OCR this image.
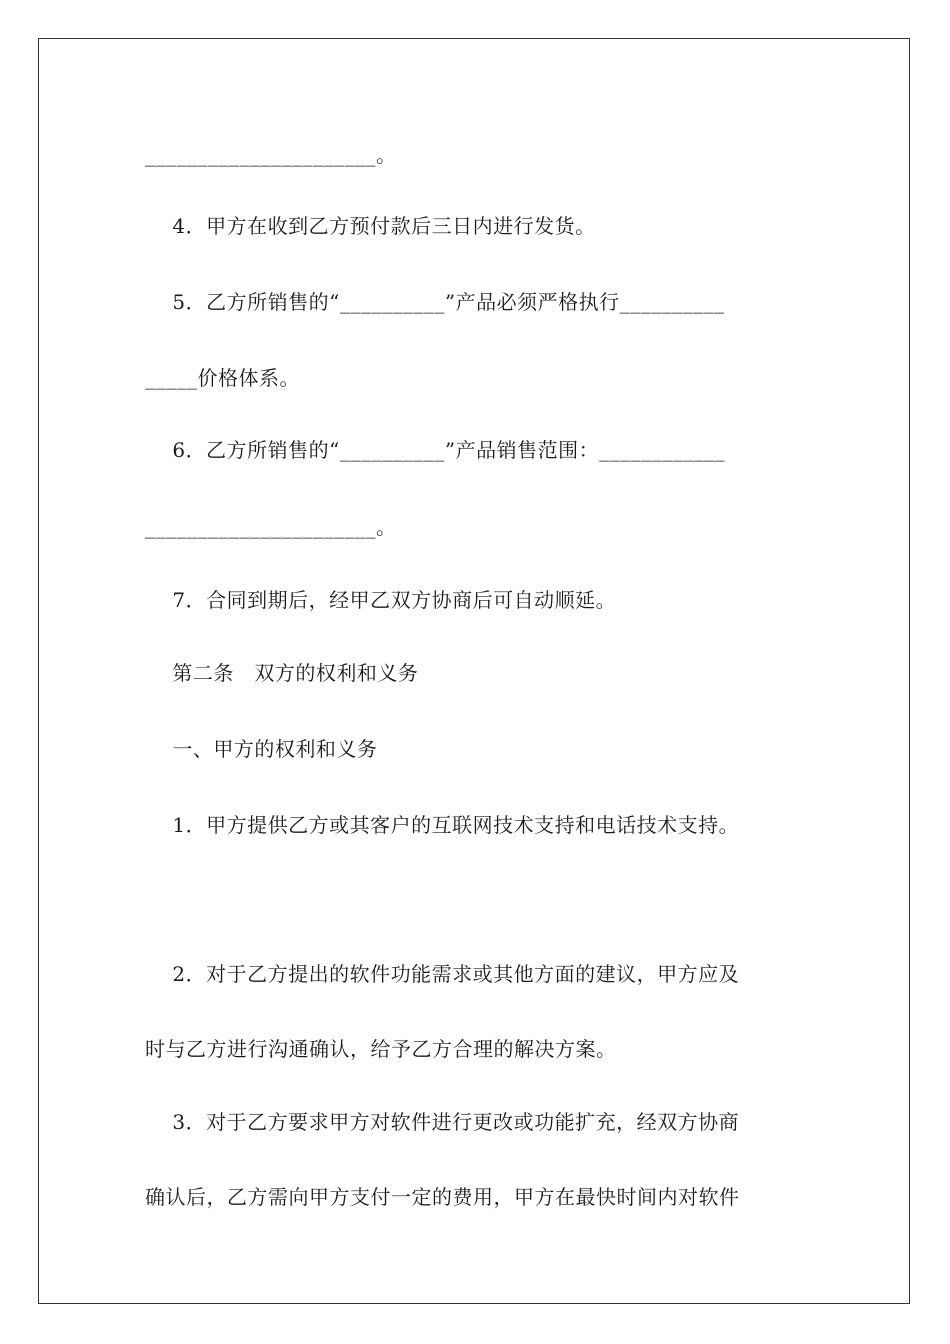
______________________。
4．甲方在收到乙方预付款后三日内进行发货。
5．乙方所销售的“__________”产品必须严格执行__________
_____价格体系。
6．乙方所销售的“__________”产品销售范围：____________
______________________。
7．合同到期后，经甲乙双方协商后可自动顺延。
第二条　双方的权利和义务
一、甲方的权利和义务
1．甲方提供乙方或其客户的互联网技术支持和电话技术支持。
2．对于乙方提出的软件功能需求或其他方面的建议，甲方应及
时与乙方进行沟通确认，给予乙方合理的解决方案。
3．对于乙方要求甲方对软件进行更改或功能扩充，经双方协商
确认后，乙方需向甲方支付一定的费用，甲方在最快时间内对软件
